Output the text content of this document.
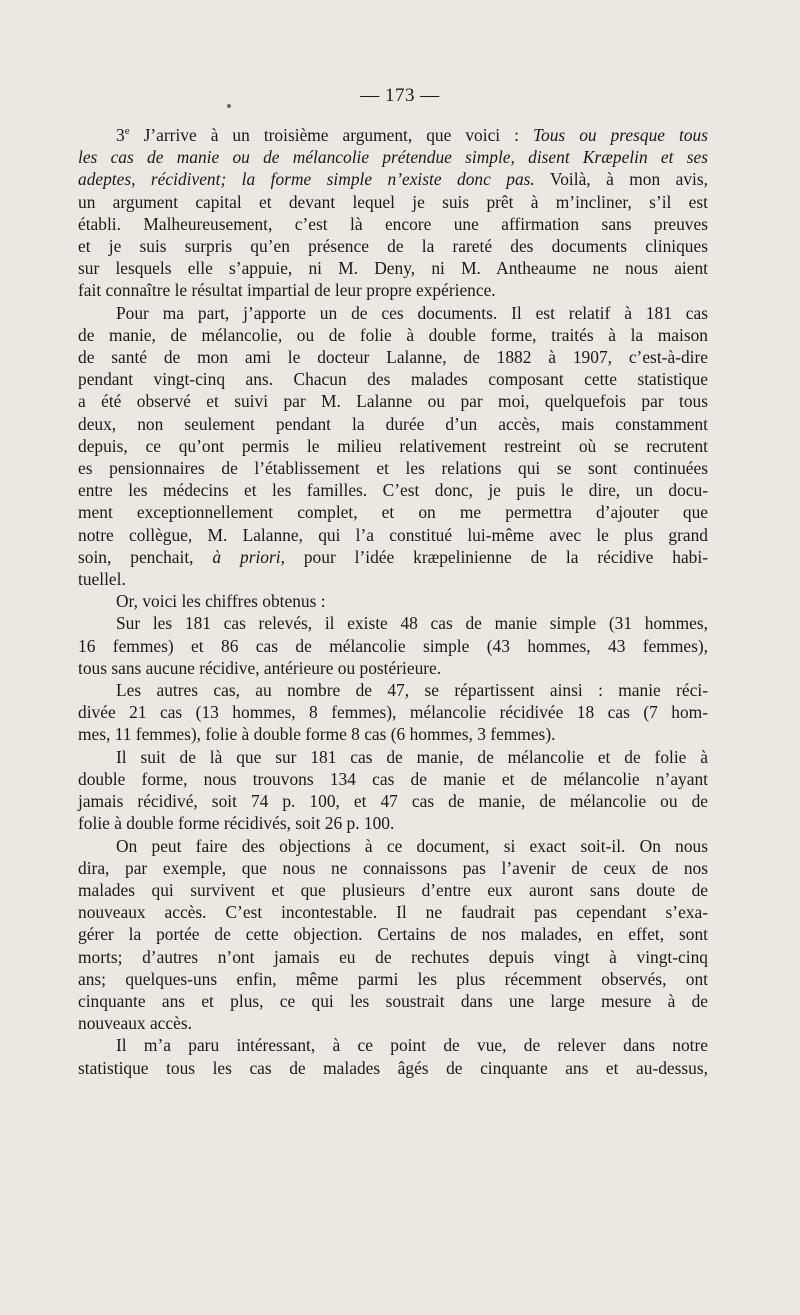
— 173 —
3e J’arrive à un troisième argument, que voici : Tous ou presque tous
les cas de manie ou de mélancolie prétendue simple, disent Kræpelin et ses
adeptes, récidivent; la forme simple n’existe donc pas. Voilà, à mon avis,
un argument capital et devant lequel je suis prêt à m’incliner, s’il est
établi. Malheureusement, c’est là encore une affirmation sans preuves
et je suis surpris qu’en présence de la rareté des documents cliniques
sur lesquels elle s’appuie, ni M. Deny, ni M. Antheaume ne nous aient
fait connaître le résultat impartial de leur propre expérience.
Pour ma part, j’apporte un de ces documents. Il est relatif à 181 cas
de manie, de mélancolie, ou de folie à double forme, traités à la maison
de santé de mon ami le docteur Lalanne, de 1882 à 1907, c’est-à-dire
pendant vingt-cinq ans. Chacun des malades composant cette statistique
a été observé et suivi par M. Lalanne ou par moi, quelquefois par tous
deux, non seulement pendant la durée d’un accès, mais constamment
depuis, ce qu’ont permis le milieu relativement restreint où se recrutent
es pensionnaires de l’établissement et les relations qui se sont continuées
entre les médecins et les familles. C’est donc, je puis le dire, un docu-
ment exceptionnellement complet, et on me permettra d’ajouter que
notre collègue, M. Lalanne, qui l’a constitué lui-même avec le plus grand
soin, penchait, à priori, pour l’idée kræpelinienne de la récidive habi-
tuellel.
Or, voici les chiffres obtenus :
Sur les 181 cas relevés, il existe 48 cas de manie simple (31 hommes,
16 femmes) et 86 cas de mélancolie simple (43 hommes, 43 femmes),
tous sans aucune récidive, antérieure ou postérieure.
Les autres cas, au nombre de 47, se répartissent ainsi : manie réci-
divée 21 cas (13 hommes, 8 femmes), mélancolie récidivée 18 cas (7 hom-
mes, 11 femmes), folie à double forme 8 cas (6 hommes, 3 femmes).
Il suit de là que sur 181 cas de manie, de mélancolie et de folie à
double forme, nous trouvons 134 cas de manie et de mélancolie n’ayant
jamais récidivé, soit 74 p. 100, et 47 cas de manie, de mélancolie ou de
folie à double forme récidivés, soit 26 p. 100.
On peut faire des objections à ce document, si exact soit-il. On nous
dira, par exemple, que nous ne connaissons pas l’avenir de ceux de nos
malades qui survivent et que plusieurs d’entre eux auront sans doute de
nouveaux accès. C’est incontestable. Il ne faudrait pas cependant s’exa-
gérer la portée de cette objection. Certains de nos malades, en effet, sont
morts; d’autres n’ont jamais eu de rechutes depuis vingt à vingt-cinq
ans; quelques-uns enfin, même parmi les plus récemment observés, ont
cinquante ans et plus, ce qui les soustrait dans une large mesure à de
nouveaux accès.
Il m’a paru intéressant, à ce point de vue, de relever dans notre
statistique tous les cas de malades âgés de cinquante ans et au-dessus,
